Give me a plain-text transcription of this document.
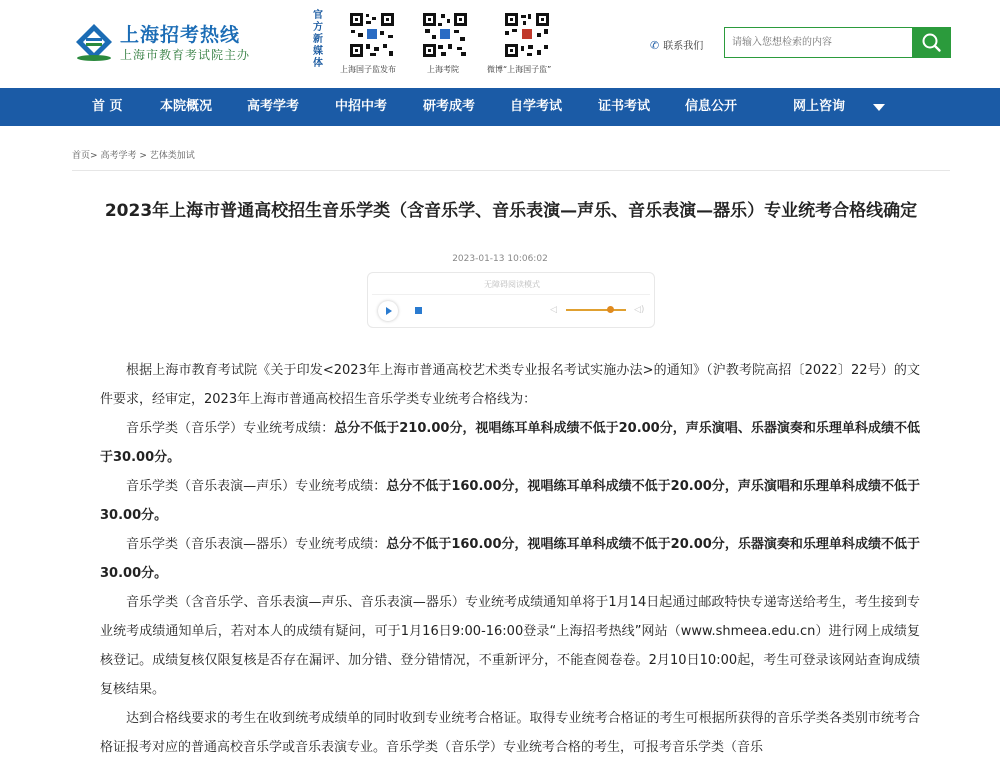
上海招考热线
上海市教育考试院主办
官方新媒体
上海国子监发布	上海考院	微博“上海国子监”
✆ 联系我们
请输入您想检索的内容
首 页	本院概况	高考学考	中招中考	研考成考	自学考试	证书考试	信息公开	网上咨询
首页> 高考学考 > 艺体类加试
2023年上海市普通高校招生音乐学类（含音乐学、音乐表演—声乐、音乐表演—器乐）专业统考合格线确定
2023-01-13 10:06:02
无障碍阅读模式
◁	◁)

根据上海市教育考试院《关于印发<2023年上海市普通高校艺术类专业报名考试实施办法>的通知》（沪教考院高招〔2022〕22号）的文件要求，经审定，2023年上海市普通高校招生音乐学类专业统考合格线为：

音乐学类（音乐学）专业统考成绩：总分不低于210.00分，视唱练耳单科成绩不低于20.00分，声乐演唱、乐器演奏和乐理单科成绩不低于30.00分。

音乐学类（音乐表演—声乐）专业统考成绩：总分不低于160.00分，视唱练耳单科成绩不低于20.00分，声乐演唱和乐理单科成绩不低于30.00分。

音乐学类（音乐表演—器乐）专业统考成绩：总分不低于160.00分，视唱练耳单科成绩不低于20.00分，乐器演奏和乐理单科成绩不低于30.00分。

音乐学类（含音乐学、音乐表演—声乐、音乐表演—器乐）专业统考成绩通知单将于1月14日起通过邮政特快专递寄送给考生，考生接到专业统考成绩通知单后，若对本人的成绩有疑问，可于1月16日9:00-16:00登录“上海招考热线”网站（www.shmeea.edu.cn）进行网上成绩复核登记。成绩复核仅限复核是否存在漏评、加分错、登分错情况，不重新评分，不能查阅卷卷。2月10日10:00起，考生可登录该网站查询成绩复核结果。

达到合格线要求的考生在收到统考成绩单的同时收到专业统考合格证。取得专业统考合格证的考生可根据所获得的音乐学类各类别市统考合格证报考对应的普通高校音乐学或音乐表演专业。音乐学类（音乐学）专业统考合格的考生，可报考音乐学类（音乐
